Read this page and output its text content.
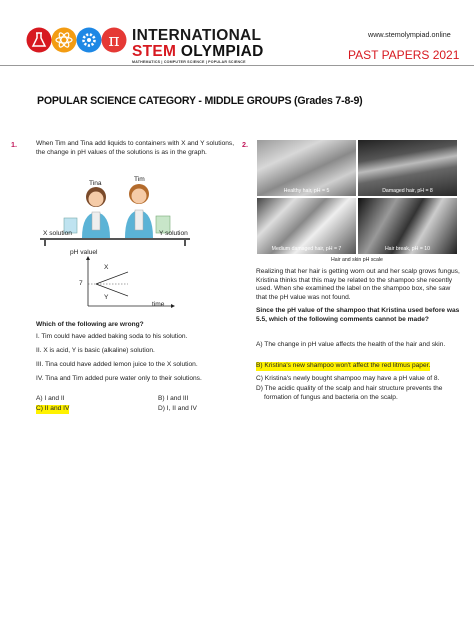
π INTERNATIONAL
STEM OLYMPIAD
MATHEMATICS | COMPUTER SCIENCE | POPULAR SCIENCE
www.stemolympiad.online
PAST PAPERS 2021
POPULAR SCIENCE CATEGORY - MIDDLE GROUPS (Grades 7-8-9)
1.	When Tim and Tina add liquids to containers with X and Y solutions, the change in pH values of the solutions is as in the graph.
Tina
Tim
X solution	Y solution
pH valuel
7
X
Y
time
Which of the following are wrong?
I. Tim could have added baking soda to his solution.
II. X is acid, Y is basic (alkaline) solution.
III. Tina could have added lemon juice to the X solution.
IV. Tina and Tim added pure water only to their solutions.
A) I and II	B) I and III
C) II and IV	D) I, II and IV
2.
Healthy hair, pH = 5	Damaged hair, pH = 8
Medium damaged hair, pH = 7	Hair break, pH = 10
Hair and skin pH scale
Realizing that her hair is getting worn out and her scalp grows fungus, Kristina thinks that this may be related to the shampoo she recently used. When she examined the label on the shampoo box, she saw that the pH value was not found.
Since the pH value of the shampoo that Kristina used before was 5.5, which of the following comments cannot be made?
A) The change in pH value affects the health of the hair and skin.
B) Kristina's new shampoo won't affect the red litmus paper.
C) Kristina's newly bought shampoo may have a pH value of 8.
D) The acidic quality of the scalp and hair structure prevents the formation of fungus and bacteria on the scalp.
